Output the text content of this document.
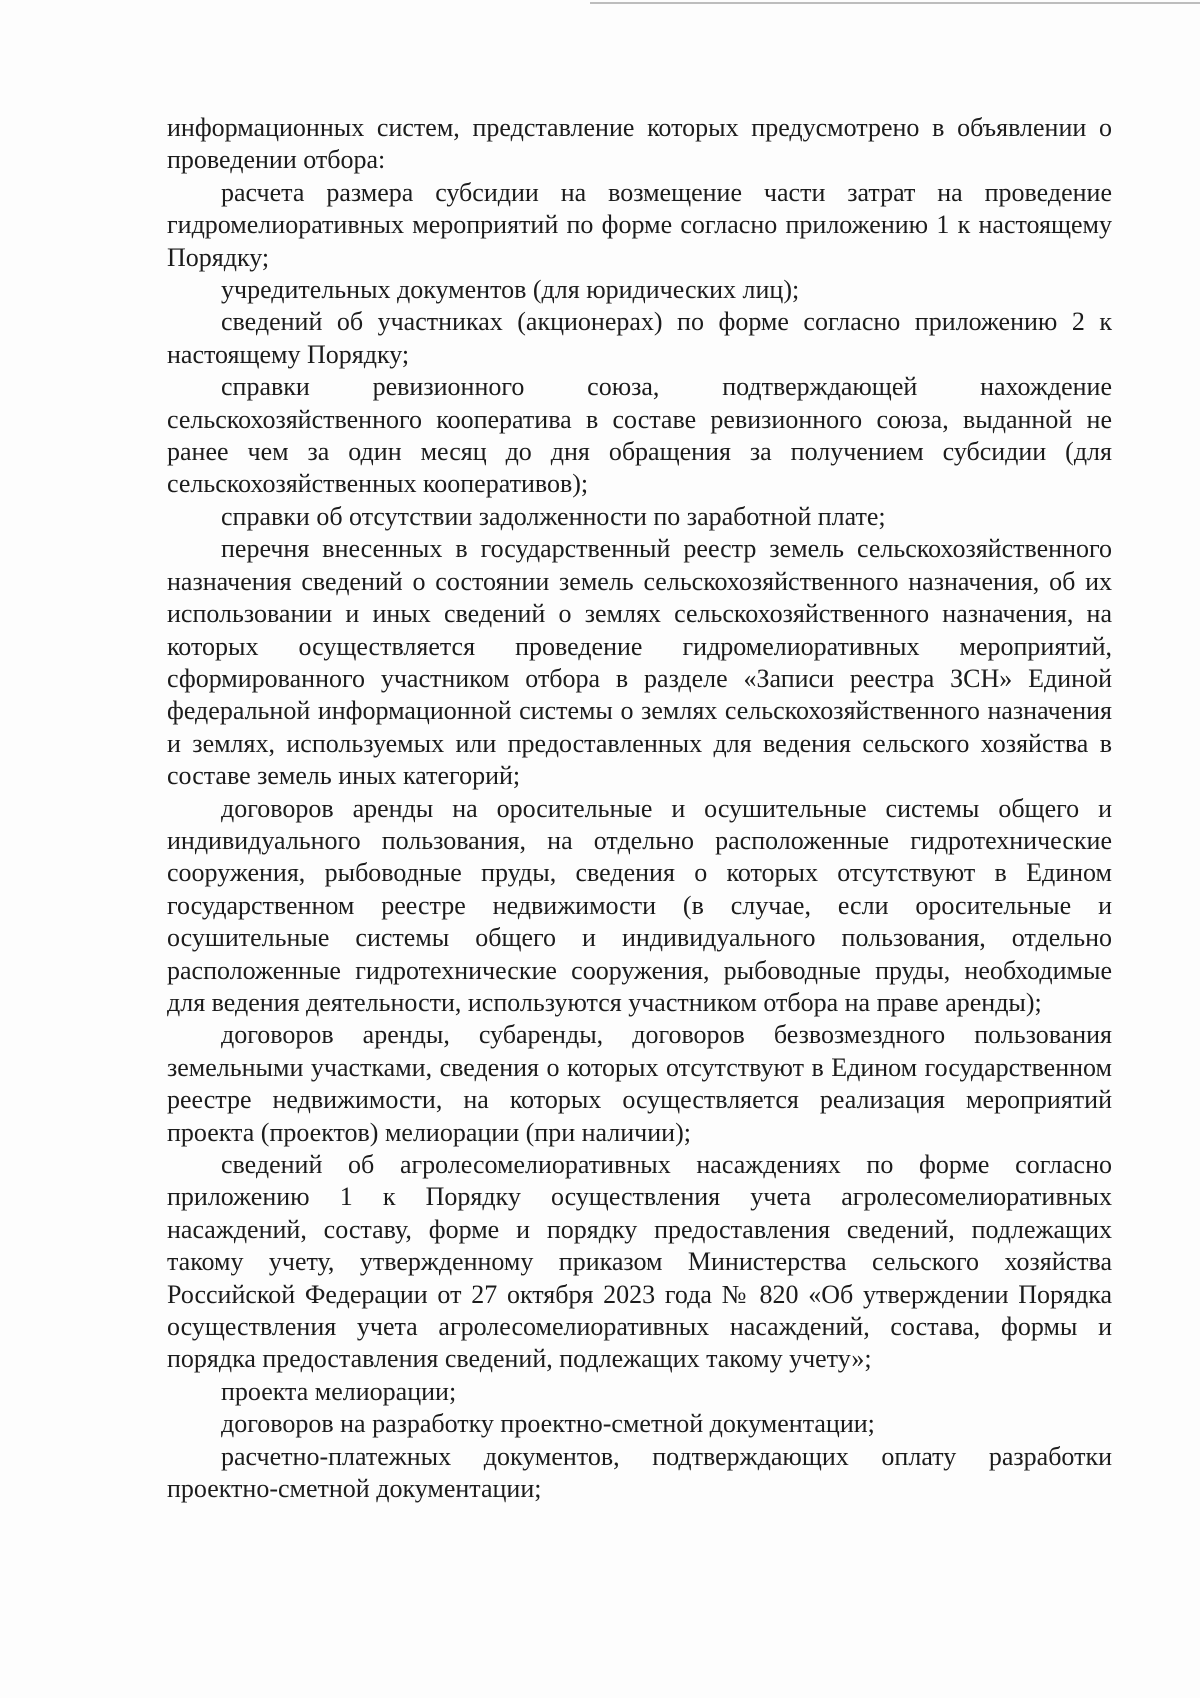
информационных систем, представление которых предусмотрено в объявлении о проведении отбора:

расчета размера субсидии на возмещение части затрат на проведение гидромелиоративных мероприятий по форме согласно приложению 1 к настоящему Порядку;

учредительных документов (для юридических лиц);

сведений об участниках (акционерах) по форме согласно приложению 2 к настоящему Порядку;

справки ревизионного союза, подтверждающей нахождение сельскохозяйственного кооператива в составе ревизионного союза, выданной не ранее чем за один месяц до дня обращения за получением субсидии (для сельскохозяйственных кооперативов);

справки об отсутствии задолженности по заработной плате;

перечня внесенных в государственный реестр земель сельскохозяйственного назначения сведений о состоянии земель сельскохозяйственного назначения, об их использовании и иных сведений о землях сельскохозяйственного назначения, на которых осуществляется проведение гидромелиоративных мероприятий, сформированного участником отбора в разделе «Записи реестра ЗСН» Единой федеральной информационной системы о землях сельскохозяйственного назначения и землях, используемых или предоставленных для ведения сельского хозяйства в составе земель иных категорий;

договоров аренды на оросительные и осушительные системы общего и индивидуального пользования, на отдельно расположенные гидротехнические сооружения, рыбоводные пруды, сведения о которых отсутствуют в Едином государственном реестре недвижимости (в случае, если оросительные и осушительные системы общего и индивидуального пользования, отдельно расположенные гидротехнические сооружения, рыбоводные пруды, необходимые для ведения деятельности, используются участником отбора на праве аренды);

договоров аренды, субаренды, договоров безвозмездного пользования земельными участками, сведения о которых отсутствуют в Едином государственном реестре недвижимости, на которых осуществляется реализация мероприятий проекта (проектов) мелиорации (при наличии);

сведений об агролесомелиоративных насаждениях по форме согласно приложению 1 к Порядку осуществления учета агролесомелиоративных насаждений, составу, форме и порядку предоставления сведений, подлежащих такому учету, утвержденному приказом Министерства сельского хозяйства Российской Федерации от 27 октября 2023 года № 820 «Об утверждении Порядка осуществления учета агролесомелиоративных насаждений, состава, формы и порядка предоставления сведений, подлежащих такому учету»;

проекта мелиорации;

договоров на разработку проектно-сметной документации;

расчетно-платежных документов, подтверждающих оплату разработки проектно-сметной документации;
